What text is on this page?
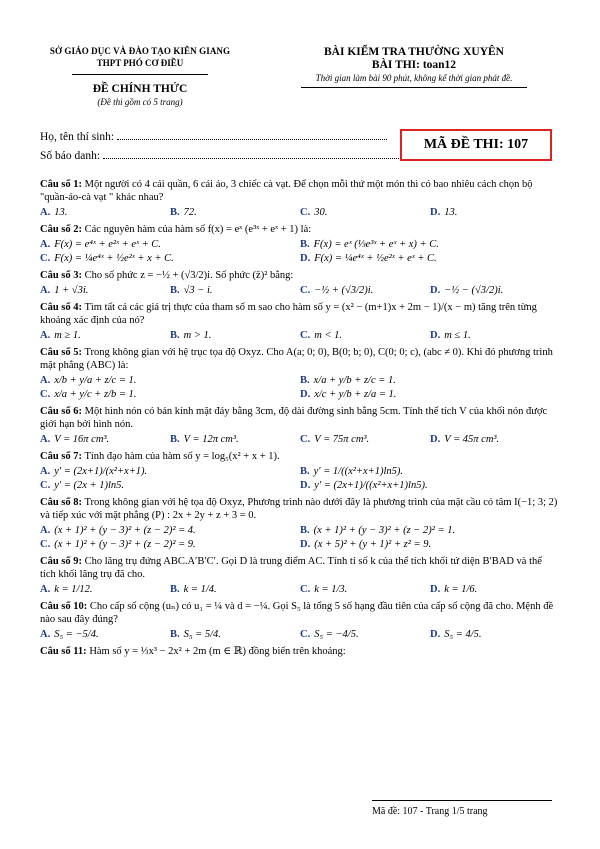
SỞ GIÁO DỤC VÀ ĐÀO TẠO KIÊN GIANG
THPT PHÓ CƠ ĐIỀU
ĐỀ CHÍNH THỨC
(Đề thi gồm có 5 trang)
BÀI KIỂM TRA THƯỜNG XUYÊN
BÀI THI: toan12
Thời gian làm bài 90 phút, không kể thời gian phát đề.
Họ, tên thí sinh:
Số báo danh:
MÃ ĐỀ THI: 107
Câu số 1: Một người có 4 cái quần, 6 cái áo, 3 chiếc cà vạt. Để chọn mỗi thứ một món thì có bao nhiêu cách chọn bộ "quần-áo-cà vạt " khác nhau?
A. 13.	B. 72.	C. 30.	D. 13.
Câu số 2: Các nguyên hàm của hàm số f(x) = eˣ (e³ˣ + eˣ + 1) là:
A. F(x) = e⁴ˣ + e²ˣ + eˣ + C.	B. F(x) = eˣ (⅓e³ˣ + eˣ + x) + C.
C. F(x) = ¼e⁴ˣ + ½e²ˣ + x + C.	D. F(x) = ¼e⁴ˣ + ½e²ˣ + eˣ + C.
Câu số 3: Cho số phức z = −½ + (√3/2)i. Số phức (z̄)² bằng:
A. 1 + √3i.	B. √3 − i.	C. −½ + (√3/2)i.	D. −½ − (√3/2)i.
Câu số 4: Tìm tất cả các giá trị thực của tham số m sao cho hàm số y = (x² − (m+1)x + 2m − 1)/(x − m) tăng trên từng khoảng xác định của nó?
A. m ≥ 1.	B. m > 1.	C. m < 1.	D. m ≤ 1.
Câu số 5: Trong không gian với hệ trục tọa độ Oxyz. Cho A(a; 0; 0), B(0; b; 0), C(0; 0; c), (abc ≠ 0). Khi đó phương trình mặt phẳng (ABC) là:
A. x/b + y/a + z/c = 1.	B. x/a + y/b + z/c = 1.
C. x/a + y/c + z/b = 1.	D. x/c + y/b + z/a = 1.
Câu số 6: Một hình nón có bán kính mặt đáy bằng 3cm, độ dài đường sinh bằng 5cm. Tính thể tích V của khối nón được giới hạn bởi hình nón.
A. V = 16π cm³.	B. V = 12π cm³.	C. V = 75π cm³.	D. V = 45π cm³.
Câu số 7: Tính đạo hàm của hàm số y = log₅(x² + x + 1).
A. y′ = (2x+1)/(x²+x+1).	B. y′ = 1/((x²+x+1)ln5).
C. y′ = (2x + 1)ln5.	D. y′ = (2x+1)/((x²+x+1)ln5).
Câu số 8: Trong không gian với hệ tọa độ Oxyz, Phương trình nào dưới đây là phương trình của mặt cầu có tâm I(−1; 3; 2) và tiếp xúc với mặt phẳng (P) : 2x + 2y + z + 3 = 0.
A. (x + 1)² + (y − 3)² + (z − 2)² = 4.	B. (x + 1)² + (y − 3)² + (z − 2)² = 1.
C. (x + 1)² + (y − 3)² + (z − 2)² = 9.	D. (x + 5)² + (y + 1)² + z² = 9.
Câu số 9: Cho lăng trụ đứng ABC.A′B′C′. Gọi D là trung điểm AC. Tính tỉ số k của thể tích khối tứ diện B′BAD và thể tích khối lăng trụ đã cho.
A. k = 1/12.	B. k = 1/4.	C. k = 1/3.	D. k = 1/6.
Câu số 10: Cho cấp số cộng (uₙ) có u₁ = ¼ và d = −¼. Gọi S₅ là tổng 5 số hạng đầu tiên của cấp số cộng đã cho. Mệnh đề nào sau đây đúng?
A. S₅ = −5/4.	B. S₅ = 5/4.	C. S₅ = −4/5.	D. S₅ = 4/5.
Câu số 11: Hàm số y = ⅓x³ − 2x² + 2m (m ∈ ℝ) đồng biến trên khoảng:
Mã đề: 107 - Trang 1/5 trang
